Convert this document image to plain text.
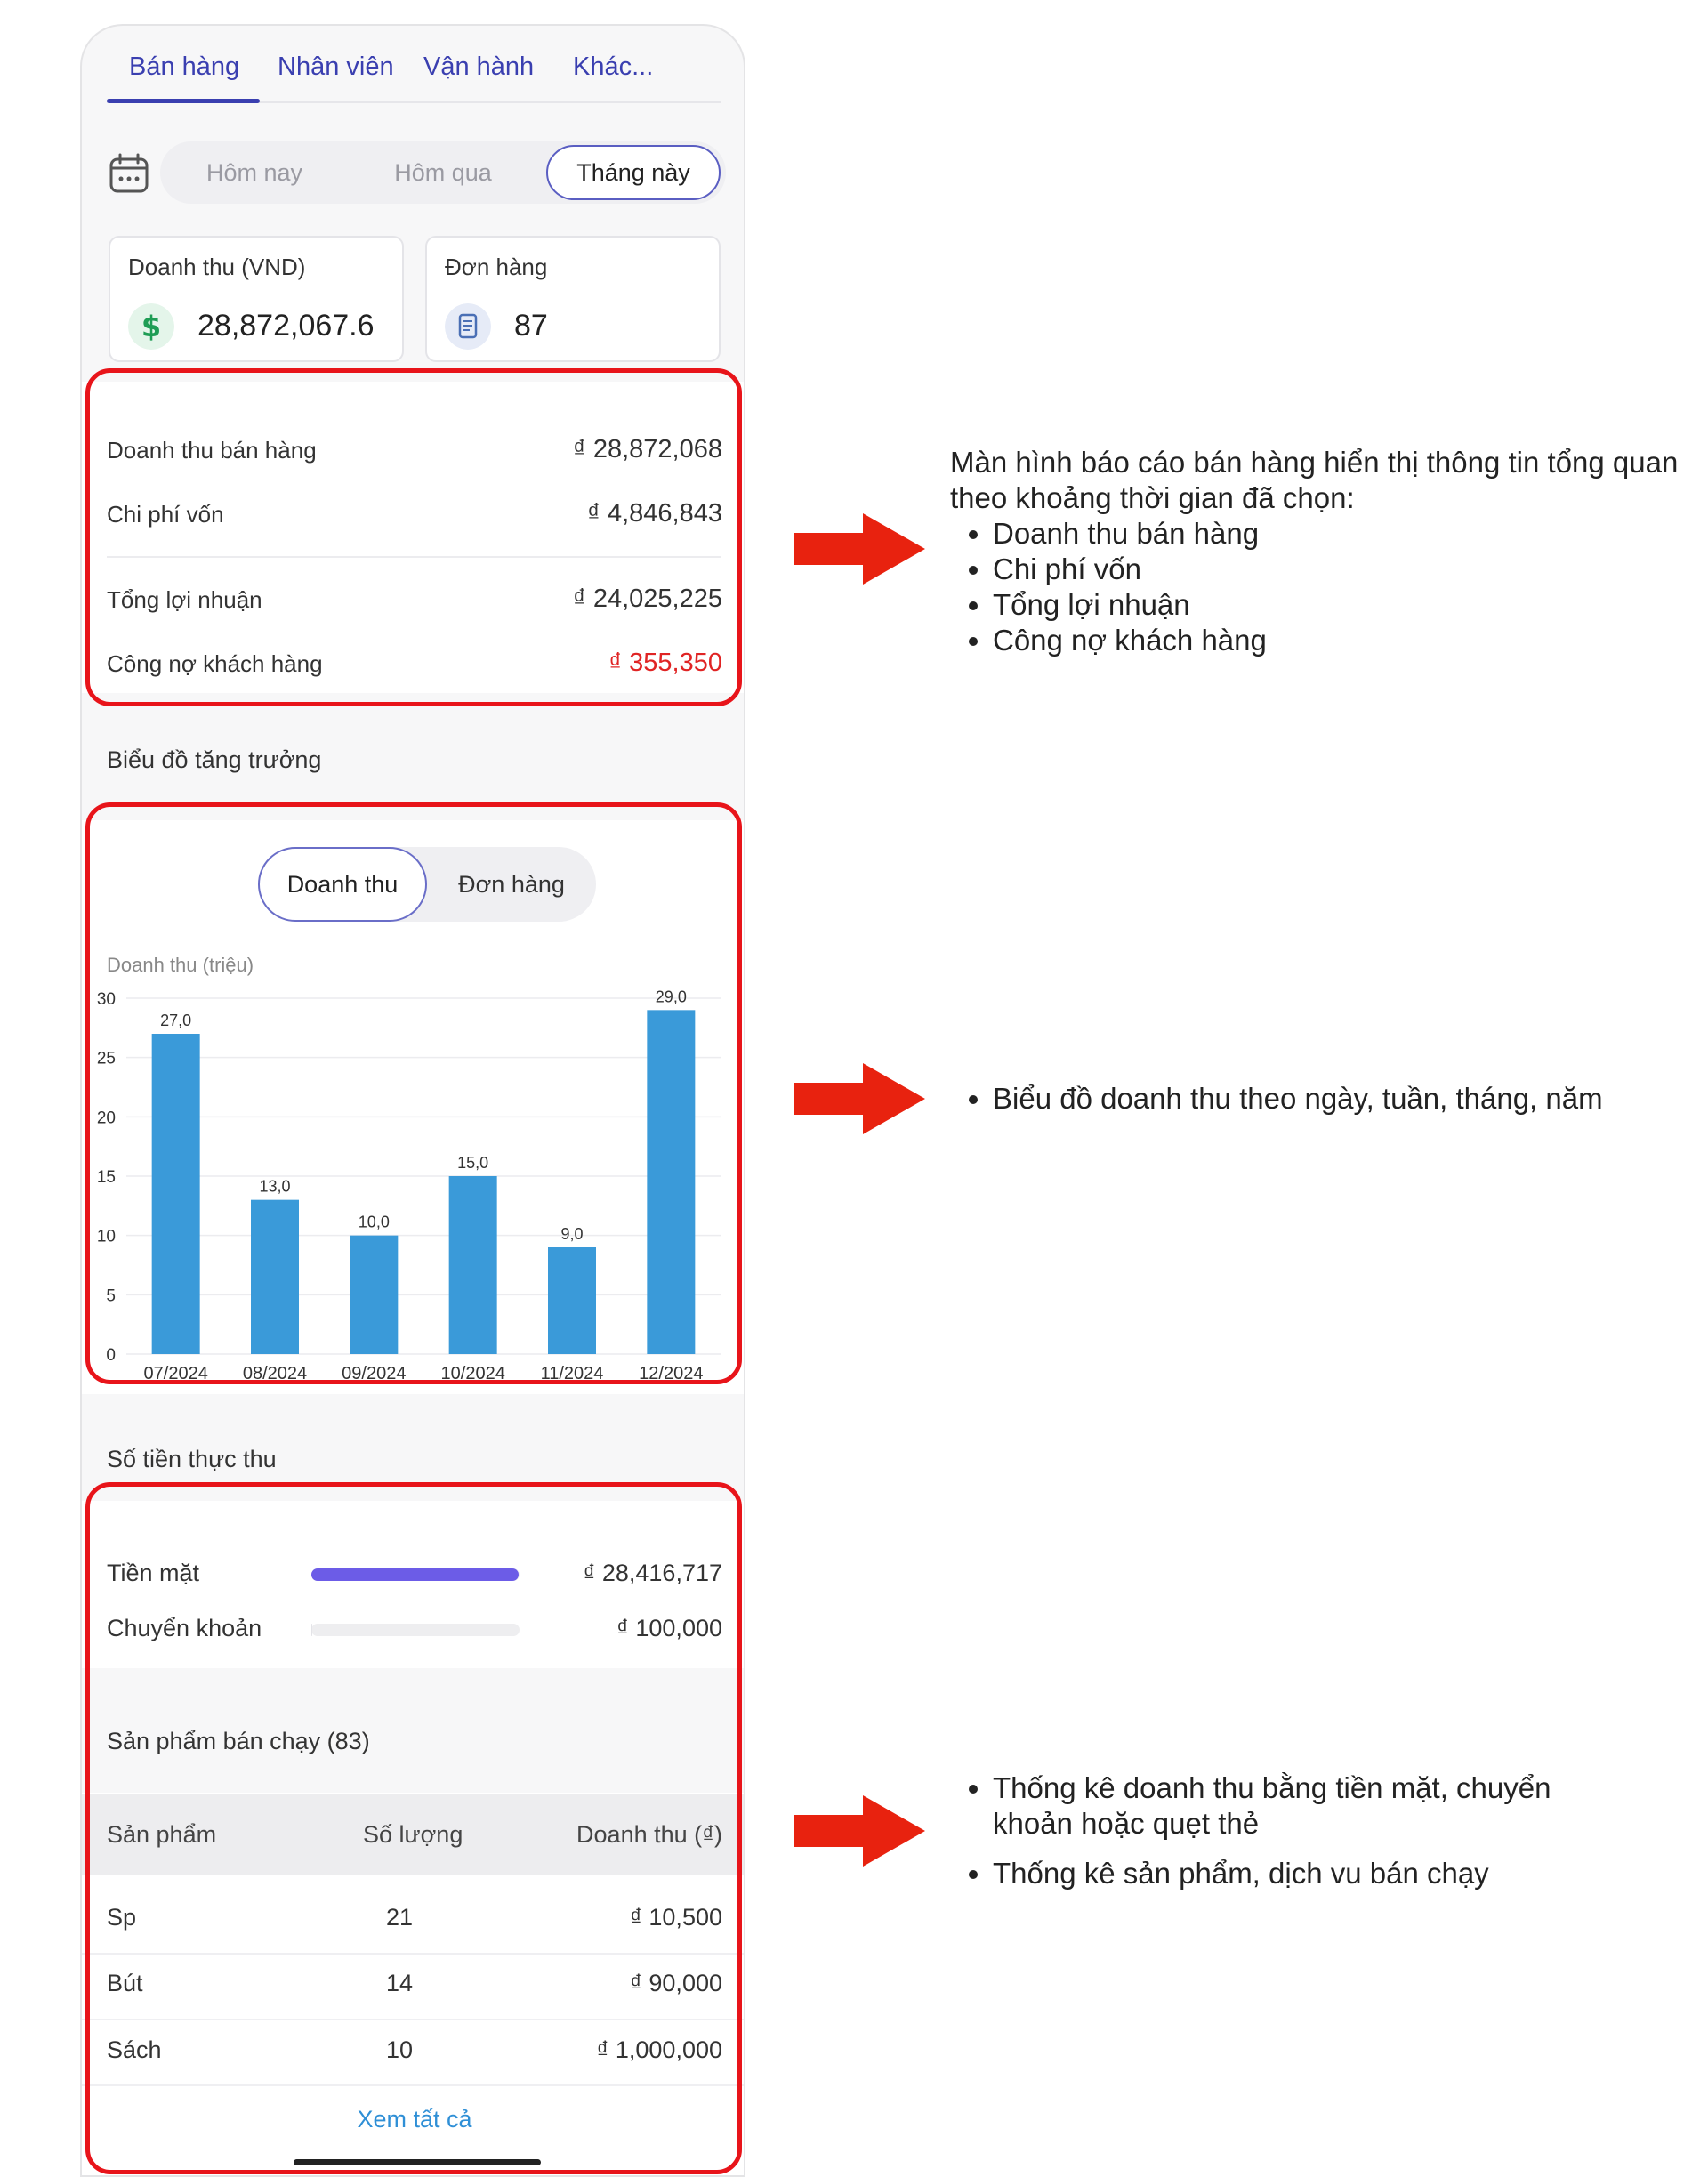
Bán hàng Nhân viên Vận hành Khác...
Hôm nay	Hôm qua	Tháng này
Doanh thu (VND)
$ 28,872,067.6
Đơn hàng
87
Doanh thu bán hàng	₫ 28,872,068
Chi phí vốn	₫ 4,846,843
Tổng lợi nhuận	₫ 24,025,225
Công nợ khách hàng	₫ 355,350
Biểu đồ tăng trưởng
Doanh thu	Đơn hàng
Doanh thu (triệu)
0
5
10
15
20
25
30
27,0
07/2024
13,0
08/2024
10,0
09/2024
15,0
10/2024
9,0
11/2024
29,0
12/2024
Số tiền thực thu
Tiền mặt	₫ 28,416,717
Chuyển khoản	₫ 100,000
Sản phẩm bán chạy (83)
Sản phẩm	Số lượng	Doanh thu (₫)
Sp	21	₫ 10,500
Bút	14	₫ 90,000
Sách	10	₫ 1,000,000
Xem tất cả
Màn hình báo cáo bán hàng hiển thị thông tin tổng quan theo khoảng thời gian đã chọn:
• Doanh thu bán hàng
• Chi phí vốn
• Tổng lợi nhuận
• Công nợ khách hàng
• Biểu đồ doanh thu theo ngày, tuần, tháng, năm
• Thống kê doanh thu bằng tiền mặt, chuyển khoản hoặc quẹt thẻ
• Thống kê sản phẩm, dịch vu bán chạy
